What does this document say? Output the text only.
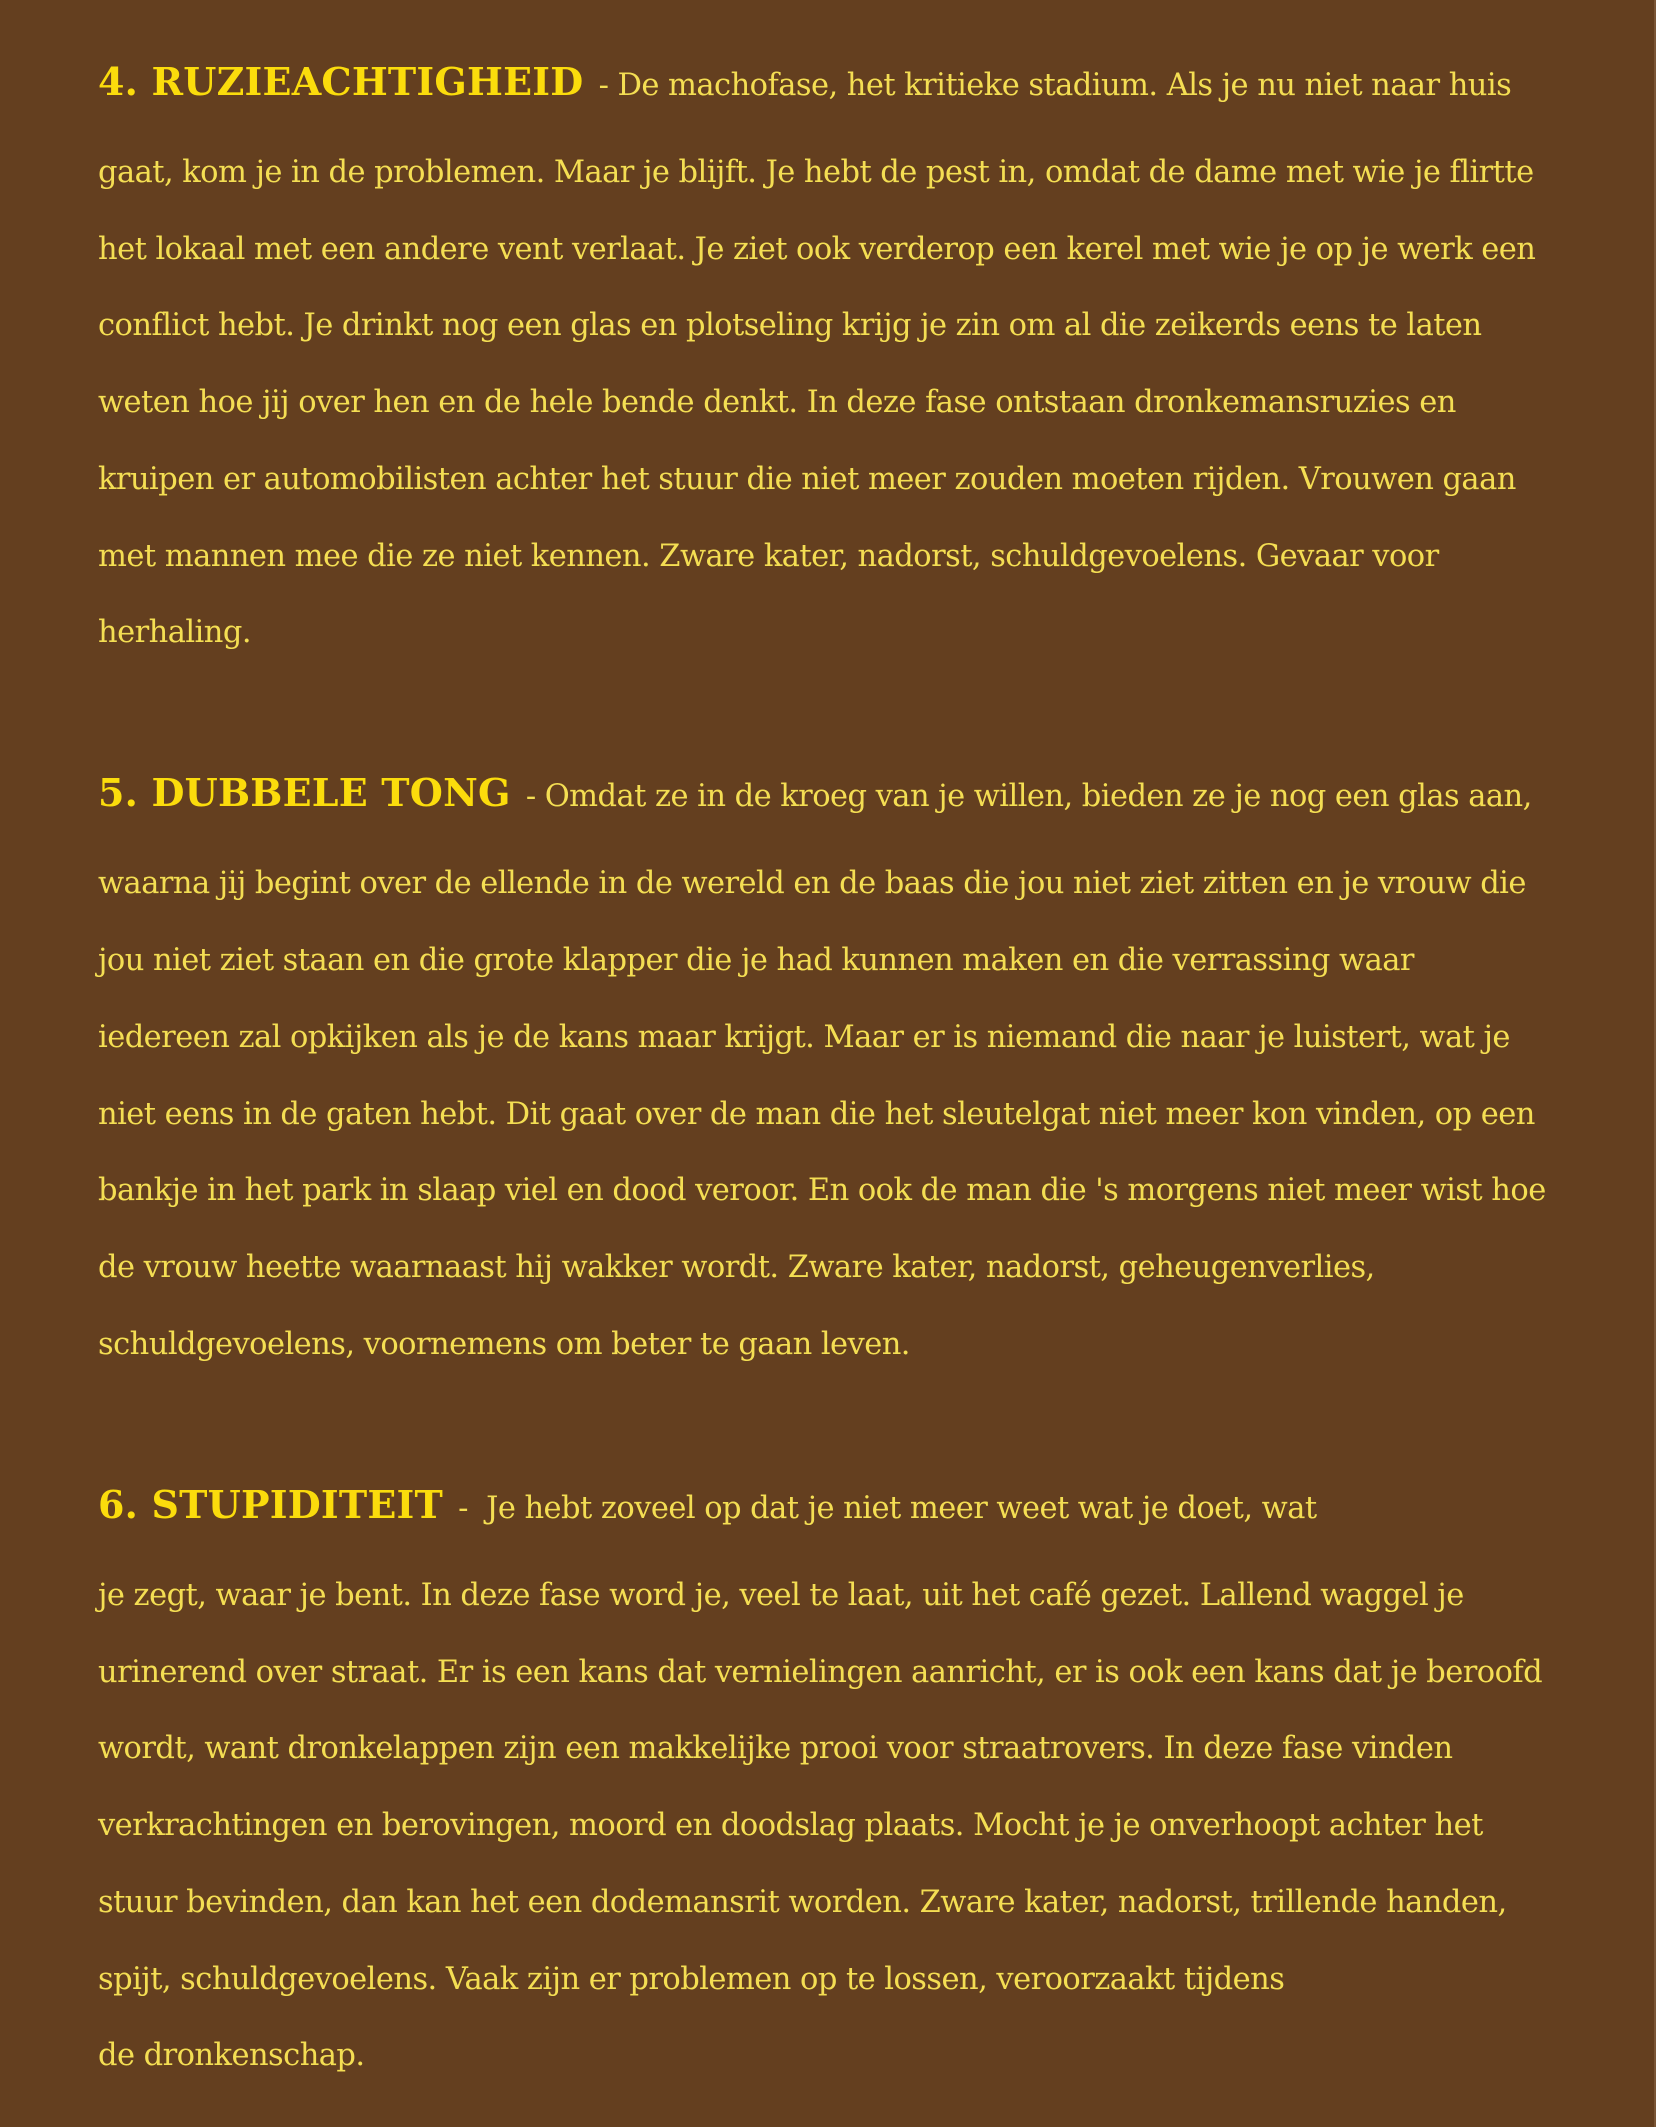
4. RUZIEACHTIGHEID - De machofase, het kritieke stadium. Als je nu niet naar huis
gaat, kom je in de problemen. Maar je blijft. Je hebt de pest in, omdat de dame met wie je flirtte
het lokaal met een andere vent verlaat. Je ziet ook verderop een kerel met wie je op je werk een
conflict hebt. Je drinkt nog een glas en plotseling krijg je zin om al die zeikerds eens te laten
weten hoe jij over hen en de hele bende denkt. In deze fase ontstaan dronkemansruzies en
kruipen er automobilisten achter het stuur die niet meer zouden moeten rijden. Vrouwen gaan
met mannen mee die ze niet kennen. Zware kater, nadorst, schuldgevoelens. Gevaar voor
herhaling.
5. DUBBELE TONG - Omdat ze in de kroeg van je willen, bieden ze je nog een glas aan,
waarna jij begint over de ellende in de wereld en de baas die jou niet ziet zitten en je vrouw die
jou niet ziet staan en die grote klapper die je had kunnen maken en die verrassing waar
iedereen zal opkijken als je de kans maar krijgt. Maar er is niemand die naar je luistert, wat je
niet eens in de gaten hebt. Dit gaat over de man die het sleutelgat niet meer kon vinden, op een
bankje in het park in slaap viel en dood veroor. En ook de man die 's morgens niet meer wist hoe
de vrouw heette waarnaast hij wakker wordt. Zware kater, nadorst, geheugenverlies,
schuldgevoelens, voornemens om beter te gaan leven.
6. STUPIDITEIT -  Je hebt zoveel op dat je niet meer weet wat je doet, wat
je zegt, waar je bent. In deze fase word je, veel te laat, uit het café gezet. Lallend waggel je
urinerend over straat. Er is een kans dat vernielingen aanricht, er is ook een kans dat je beroofd
wordt, want dronkelappen zijn een makkelijke prooi voor straatrovers. In deze fase vinden
verkrachtingen en berovingen, moord en doodslag plaats. Mocht je je onverhoopt achter het
stuur bevinden, dan kan het een dodemansrit worden. Zware kater, nadorst, trillende handen,
spijt, schuldgevoelens. Vaak zijn er problemen op te lossen, veroorzaakt tijdens
de dronkenschap.
